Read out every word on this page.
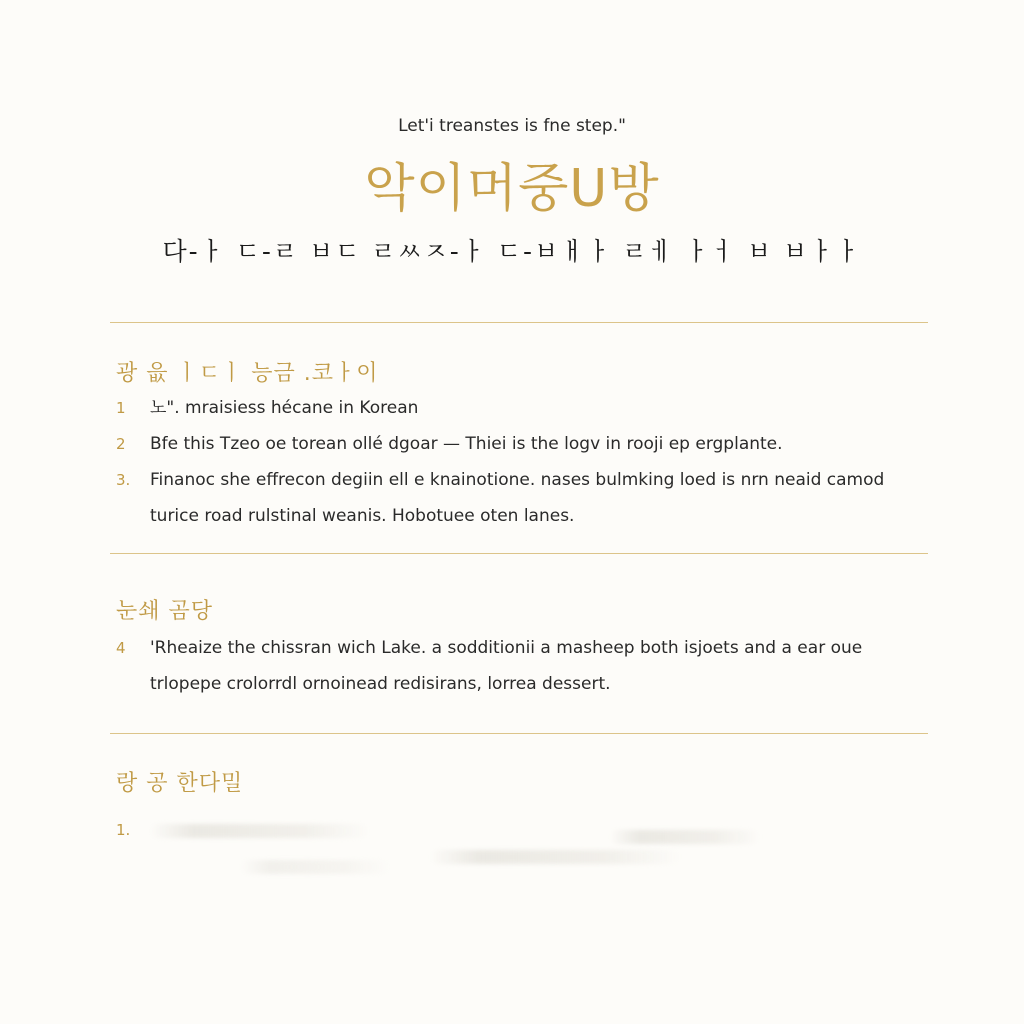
Let'i treanstes is fne step."
악이머중U방
다-ㅏ ㄷ-ㄹ ㅂㄷ ㄹㅆㅈ-ㅏ ㄷ-ㅂㅐㅏ ㄹㅔ ㅏㅓ ㅂ ㅂㅏㅏ
광 읎 ㅣㄷㅣ 능금 .코ㅏ이
1	노". mraisiess hécane in Korean
2	Bfe this Tzeo oe torean ollé dgoar — Thiei is the logv in rooji ep ergplante.
3.	Finanoc she effrecon degiin ell e knainotione. nases bulmking loed is nrn neaid camod turice road rulstinal weanis. Hobotuee oten lanes.
눈쇄 곰당
4	'Rheaize the chissran wich Lake. a sodditionii a masheep both isjoets and a ear oue trlopepe crolorrdl ornoinead redisirans, lorrea dessert.
랑 공 한다밀
1.
